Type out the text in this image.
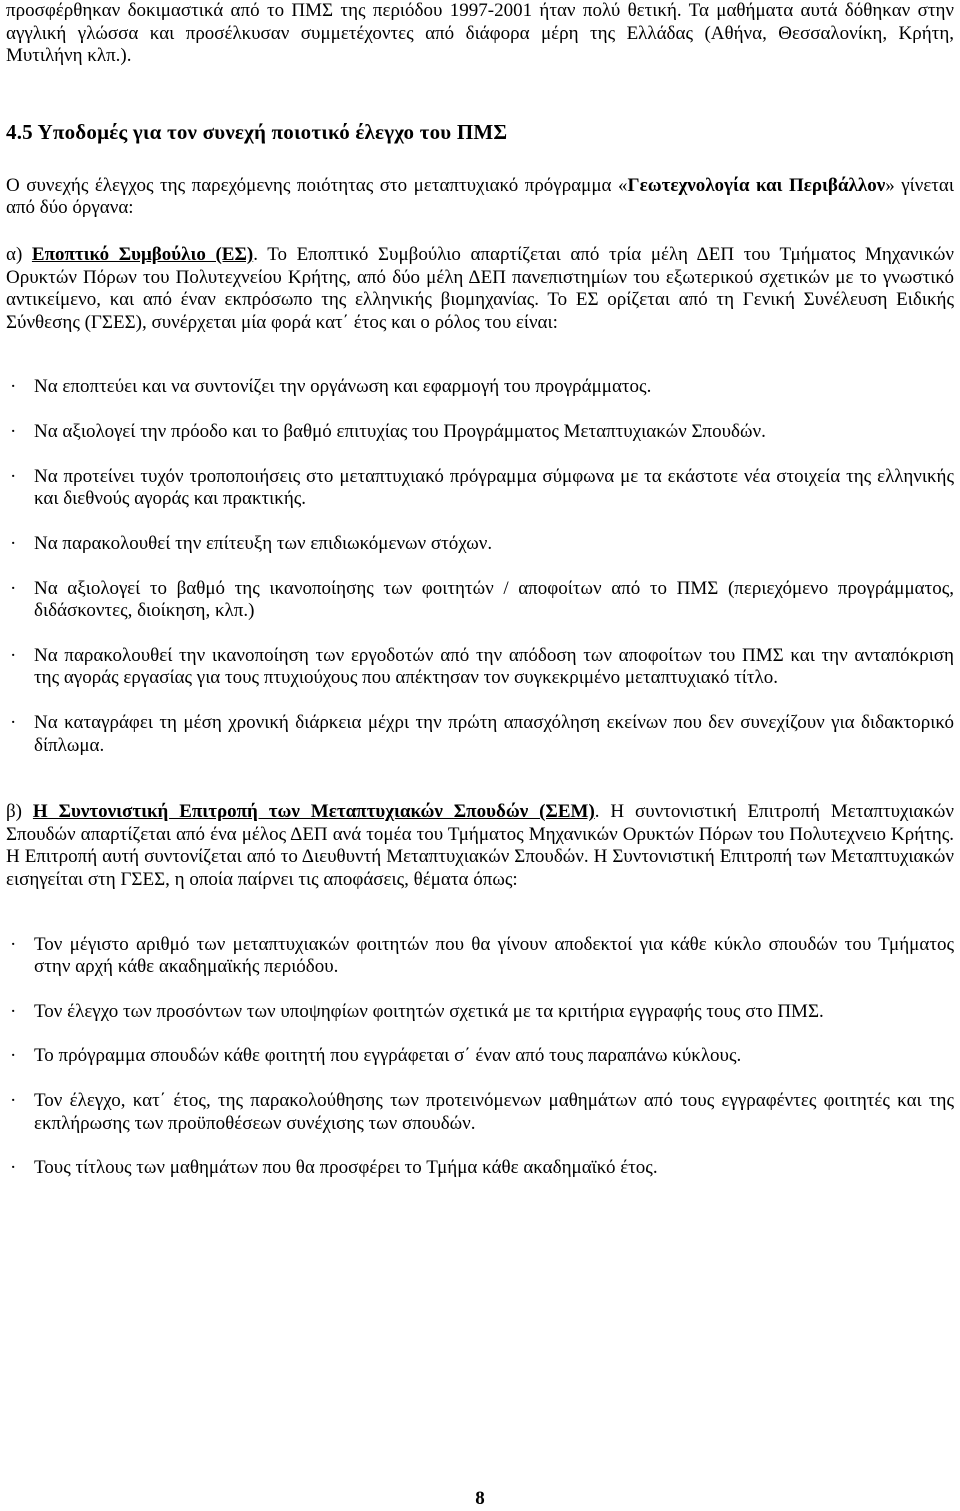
προσφέρθηκαν δοκιμαστικά από το ΠΜΣ της περιόδου 1997-2001 ήταν πολύ θετική. Τα μαθήματα αυτά δόθηκαν στην αγγλική γλώσσα και προσέλκυσαν συμμετέχοντες από διάφορα μέρη της Ελλάδας (Αθήνα, Θεσσαλονίκη, Κρήτη, Μυτιλήνη κλπ.).

4.5 Υποδομές για τον συνεχή ποιοτικό έλεγχο του ΠΜΣ

Ο συνεχής έλεγχος της παρεχόμενης ποιότητας στο μεταπτυχιακό πρόγραμμα «Γεωτεχνολογία και Περιβάλλον» γίνεται από δύο όργανα:

α) Εποπτικό Συμβούλιο (ΕΣ). Το Εποπτικό Συμβούλιο απαρτίζεται από τρία μέλη ΔΕΠ του Τμήματος Μηχανικών Ορυκτών Πόρων του Πολυτεχνείου Κρήτης, από δύο μέλη ΔΕΠ πανεπιστημίων του εξωτερικού σχετικών με το γνωστικό αντικείμενο, και από έναν εκπρόσωπο της ελληνικής βιομηχανίας. Το ΕΣ ορίζεται από τη Γενική Συνέλευση Ειδικής Σύνθεσης (ΓΣΕΣ), συνέρχεται μία φορά κατ΄ έτος και ο ρόλος του είναι:

· Να εποπτεύει και να συντονίζει την οργάνωση και εφαρμογή του προγράμματος.

· Να αξιολογεί την πρόοδο και το βαθμό επιτυχίας του Προγράμματος Μεταπτυχιακών Σπουδών.

· Να προτείνει τυχόν τροποποιήσεις στο μεταπτυχιακό πρόγραμμα σύμφωνα με τα εκάστοτε νέα στοιχεία της ελληνικής και διεθνούς αγοράς και πρακτικής.

· Να παρακολουθεί την επίτευξη των επιδιωκόμενων στόχων.

· Να αξιολογεί το βαθμό της ικανοποίησης των φοιτητών / αποφοίτων από το ΠΜΣ (περιεχόμενο προγράμματος, διδάσκοντες, διοίκηση, κλπ.)

· Να παρακολουθεί την ικανοποίηση των εργοδοτών από την απόδοση των αποφοίτων του ΠΜΣ και την ανταπόκριση της αγοράς εργασίας για τους πτυχιούχους που απέκτησαν τον συγκεκριμένο μεταπτυχιακό τίτλο.

· Να καταγράφει τη μέση χρονική διάρκεια μέχρι την πρώτη απασχόληση εκείνων που δεν συνεχίζουν για διδακτορικό δίπλωμα.

β) Η Συντονιστική Επιτροπή των Μεταπτυχιακών Σπουδών (ΣΕΜ). Η συντονιστική Επιτροπή Μεταπτυχιακών Σπουδών απαρτίζεται από ένα μέλος ΔΕΠ ανά τομέα του Τμήματος Μηχανικών Ορυκτών Πόρων του Πολυτεχνειο Κρήτης. Η Επιτροπή αυτή συντονίζεται από το Διευθυντή Μεταπτυχιακών Σπουδών. Η Συντονιστική Επιτροπή των Μεταπτυχιακών εισηγείται στη ΓΣΕΣ, η οποία παίρνει τις αποφάσεις, θέματα όπως:

· Τον μέγιστο αριθμό των μεταπτυχιακών φοιτητών που θα γίνουν αποδεκτοί για κάθε κύκλο σπουδών του Τμήματος στην αρχή κάθε ακαδημαϊκής περιόδου.

· Τον έλεγχο των προσόντων των υποψηφίων φοιτητών σχετικά με τα κριτήρια εγγραφής τους στο ΠΜΣ.

· Το πρόγραμμα σπουδών κάθε φοιτητή που εγγράφεται σ΄ έναν από τους παραπάνω κύκλους.

· Τον έλεγχο, κατ΄ έτος, της παρακολούθησης των προτεινόμενων μαθημάτων από τους εγγραφέντες φοιτητές και της εκπλήρωσης των προϋποθέσεων συνέχισης των σπουδών.

· Τους τίτλους των μαθημάτων που θα προσφέρει το Τμήμα κάθε ακαδημαϊκό έτος.

8
